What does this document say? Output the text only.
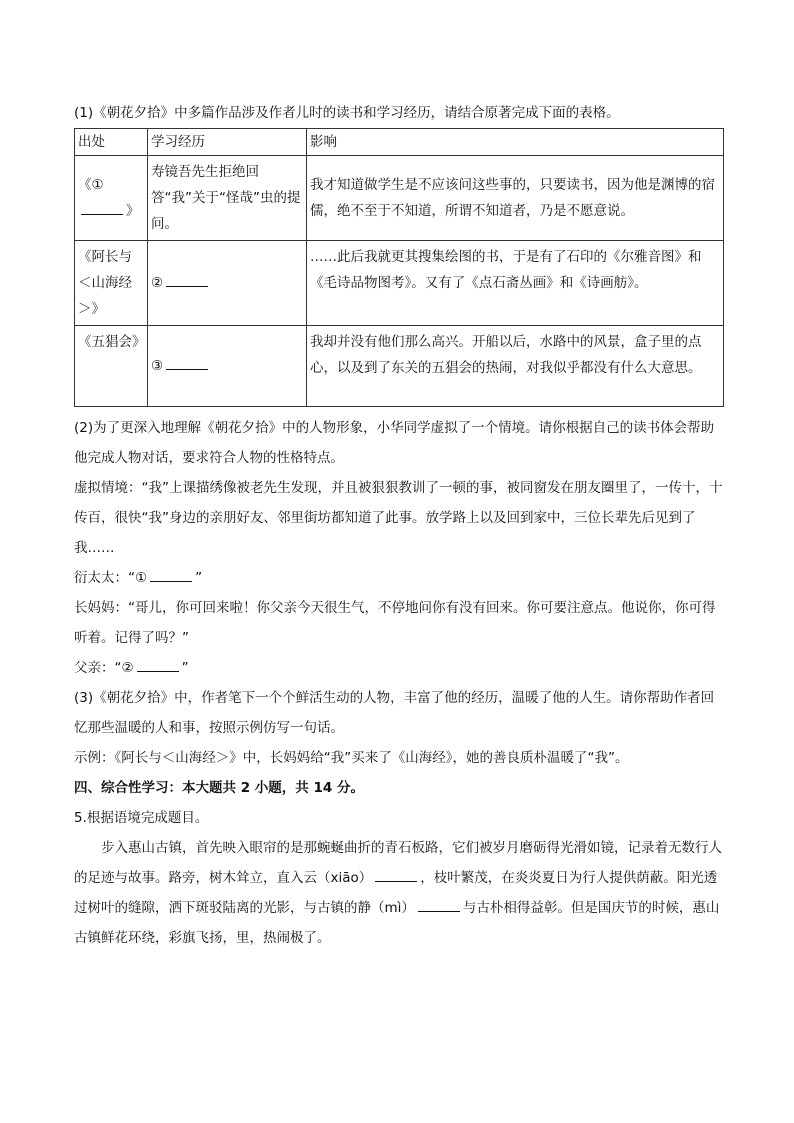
(1)《朝花夕拾》中多篇作品涉及作者儿时的读书和学习经历，请结合原著完成下面的表格。

出处	学习经历	影响
《①
》	寿镜吾先生拒绝回答“我”关于“怪哉”虫的提问。	我才知道做学生是不应该问这些事的，只要读书，因为他是渊博的宿儒，绝不至于不知道，所谓不知道者，乃是不愿意说。
《阿长与＜山海经＞》	②	……此后我就更其搜集绘图的书，于是有了石印的《尔雅音图》和《毛诗品物图考》。又有了《点石斋丛画》和《诗画舫》。
《五猖会》	③	我却并没有他们那么高兴。开船以后，水路中的风景，盒子里的点心，以及到了东关的五猖会的热闹，对我似乎都没有什么大意思。

(2)为了更深入地理解《朝花夕拾》中的人物形象，小华同学虚拟了一个情境。请你根据自己的读书体会帮助他完成人物对话，要求符合人物的性格特点。

虚拟情境：“我”上课描绣像被老先生发现，并且被狠狠教训了一顿的事，被同窗发在朋友圈里了，一传十，十传百，很快“我”身边的亲朋好友、邻里街坊都知道了此事。放学路上以及回到家中，三位长辈先后见到了我……

衍太太：“①	”

长妈妈：“哥儿，你可回来啦！你父亲今天很生气，不停地问你有没有回来。你可要注意点。他说你，你可得听着。记得了吗？”

父亲：“②	”

(3)《朝花夕拾》中，作者笔下一个个鲜活生动的人物，丰富了他的经历，温暖了他的人生。请你帮助作者回忆那些温暖的人和事，按照示例仿写一句话。

示例：《阿长与＜山海经＞》中，长妈妈给“我”买来了《山海经》，她的善良质朴温暖了“我”。

四、综合性学习：本大题共 2 小题，共 14 分。

5.根据语境完成题目。

步入惠山古镇，首先映入眼帘的是那蜿蜒曲折的青石板路，它们被岁月磨砺得光滑如镜，记录着无数行人的足迹与故事。路旁，树木耸立，直入云（xiāo）	，枝叶繁茂，在炎炎夏日为行人提供荫蔽。阳光透过树叶的缝隙，洒下斑驳陆离的光影，与古镇的静（mì）	与古朴相得益彰。但是国庆节的时候，惠山古镇鲜花环绕，彩旗飞扬，里，热闹极了。
